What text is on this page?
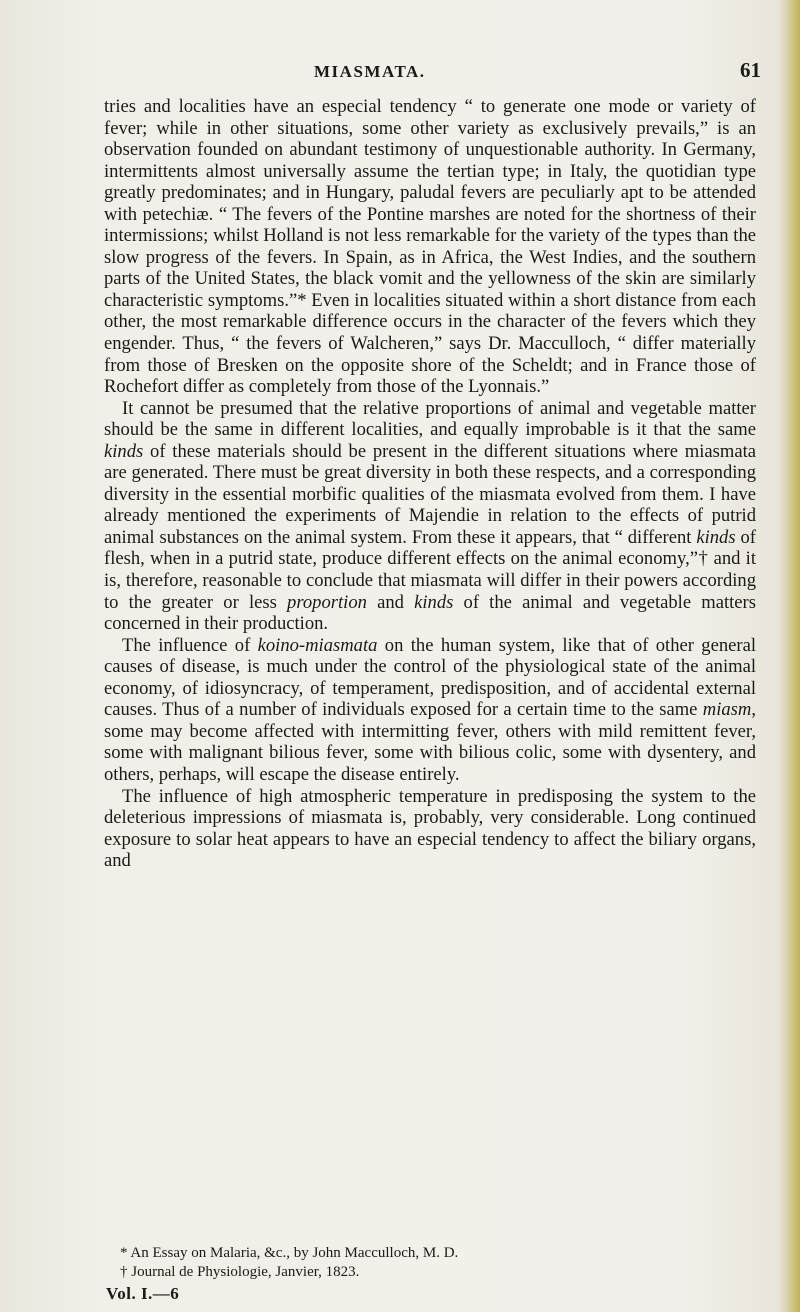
MIASMATA.	61

tries and localities have an especial tendency “ to generate one mode or variety of fever; while in other situations, some other variety as exclusively prevails,” is an observation founded on abundant testimony of unquestionable authority. In Germany, intermittents almost universally assume the tertian type; in Italy, the quotidian type greatly predominates; and in Hungary, paludal fevers are peculiarly apt to be attended with petechiæ. “ The fevers of the Pontine marshes are noted for the shortness of their intermissions; whilst Holland is not less remarkable for the variety of the types than the slow progress of the fevers. In Spain, as in Africa, the West Indies, and the southern parts of the United States, the black vomit and the yellowness of the skin are similarly characteristic symptoms.”* Even in localities situated within a short distance from each other, the most remarkable difference occurs in the character of the fevers which they engender. Thus, “ the fevers of Walcheren,” says Dr. Macculloch, “ differ materially from those of Bresken on the opposite shore of the Scheldt; and in France those of Rochefort differ as completely from those of the Lyonnais.”

It cannot be presumed that the relative proportions of animal and vegetable matter should be the same in different localities, and equally improbable is it that the same kinds of these materials should be present in the different situations where miasmata are generated. There must be great diversity in both these respects, and a corresponding diversity in the essential morbific qualities of the miasmata evolved from them. I have already mentioned the experiments of Majendie in relation to the effects of putrid animal substances on the animal system. From these it appears, that “ different kinds of flesh, when in a putrid state, produce different effects on the animal economy,”† and it is, therefore, reasonable to conclude that miasmata will differ in their powers according to the greater or less proportion and kinds of the animal and vegetable matters concerned in their production.

The influence of koino-miasmata on the human system, like that of other general causes of disease, is much under the control of the physiological state of the animal economy, of idiosyncracy, of temperament, predisposition, and of accidental external causes. Thus of a number of individuals exposed for a certain time to the same miasm, some may become affected with intermitting fever, others with mild remittent fever, some with malignant bilious fever, some with bilious colic, some with dysentery, and others, perhaps, will escape the disease entirely.

The influence of high atmospheric temperature in predisposing the system to the deleterious impressions of miasmata is, probably, very considerable. Long continued exposure to solar heat appears to have an especial tendency to affect the biliary organs, and

* An Essay on Malaria, &c., by John Macculloch, M. D.

† Journal de Physiologie, Janvier, 1823.

Vol. I.—6
